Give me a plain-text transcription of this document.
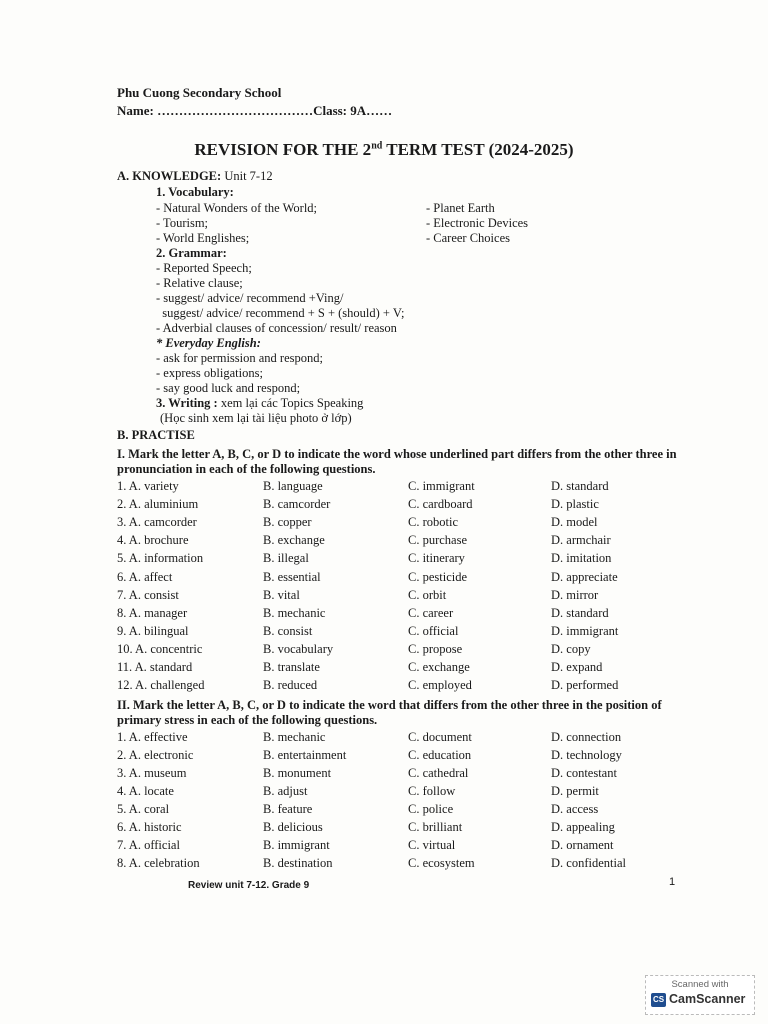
Phu Cuong Secondary School
Name: ………………………………Class: 9A……
REVISION FOR THE 2nd TERM TEST (2024-2025)
A. KNOWLEDGE: Unit 7-12
1. Vocabulary:
- Natural Wonders of the World;
- Tourism;
- World Englishes;
- Planet Earth
- Electronic Devices
- Career Choices
2. Grammar:
- Reported Speech;
- Relative clause;
- suggest/ advice/ recommend +Ving/
suggest/ advice/ recommend + S + (should) + V;
- Adverbial clauses of concession/ result/ reason
* Everyday English:
- ask for permission and respond;
- express obligations;
- say good luck and respond;
3. Writing : xem lại các Topics Speaking
(Học sinh xem lại tài liệu photo ở lớp)
B. PRACTISE
I. Mark the letter A, B, C, or D to indicate the word whose underlined part differs from the other three in pronunciation in each of the following questions.
1. A. variety	B. language	C. immigrant	D. standard
2. A. aluminium	B. camcorder	C. cardboard	D. plastic
3. A. camcorder	B. copper	C. robotic	D. model
4. A. brochure	B. exchange	C. purchase	D. armchair
5. A. information	B. illegal	C. itinerary	D. imitation
6. A. affect	B. essential	C. pesticide	D. appreciate
7. A. consist	B. vital	C. orbit	D. mirror
8. A. manager	B. mechanic	C. career	D. standard
9. A. bilingual	B. consist	C. official	D. immigrant
10. A. concentric	B. vocabulary	C. propose	D. copy
11. A. standard	B. translate	C. exchange	D. expand
12. A. challenged	B. reduced	C. employed	D. performed
II. Mark the letter A, B, C, or D to indicate the word that differs from the other three in the position of primary stress in each of the following questions.
1. A. effective	B. mechanic	C. document	D. connection
2. A. electronic	B. entertainment	C. education	D. technology
3. A. museum	B. monument	C. cathedral	D. contestant
4. A. locate	B. adjust	C. follow	D. permit
5. A. coral	B. feature	C. police	D. access
6. A. historic	B. delicious	C. brilliant	D. appealing
7. A. official	B. immigrant	C. virtual	D. ornament
8. A. celebration	B. destination	C. ecosystem	D. confidential
Review unit 7-12. Grade 9	1
Scanned with
CS CamScanner
